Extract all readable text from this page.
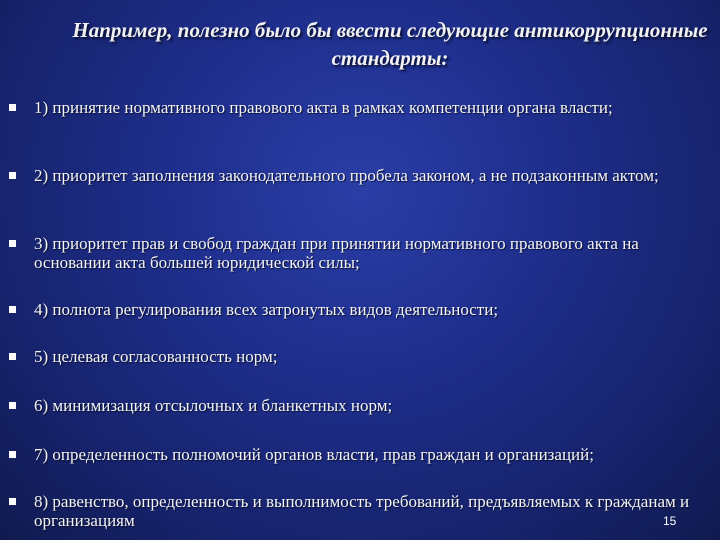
Например, полезно было бы ввести следующие антикоррупционные
стандарты:
1) принятие нормативного правового акта в рамках компетенции органа власти;
2) приоритет заполнения законодательного пробела законом, а не подзаконным актом;
3) приоритет прав и свобод граждан при принятии нормативного правового акта на основании акта большей юридической силы;
4) полнота регулирования всех затронутых видов деятельности;
5) целевая согласованность норм;
6) минимизация отсылочных и бланкетных норм;
7) определенность полномочий органов власти, прав граждан и организаций;
8) равенство, определенность и выполнимость требований, предъявляемых к гражданам и организациям	15
